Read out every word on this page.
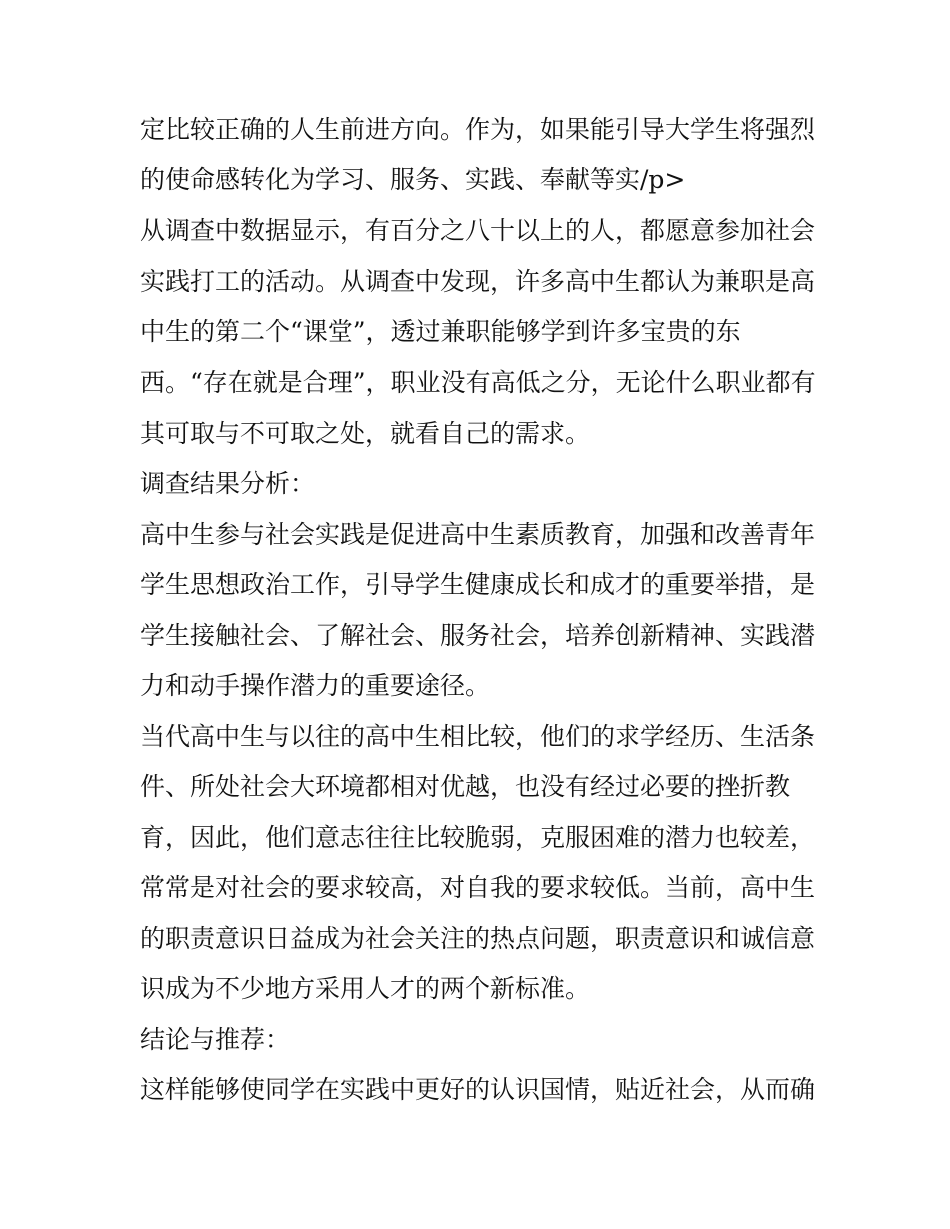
定比较正确的人生前进方向。作为，如果能引导大学生将强烈
的使命感转化为学习、服务、实践、奉献等实/p>
从调查中数据显示，有百分之八十以上的人，都愿意参加社会
实践打工的活动。从调查中发现，许多高中生都认为兼职是高
中生的第二个“课堂”，透过兼职能够学到许多宝贵的东
西。“存在就是合理”，职业没有高低之分，无论什么职业都有
其可取与不可取之处，就看自己的需求。
调查结果分析：
高中生参与社会实践是促进高中生素质教育，加强和改善青年
学生思想政治工作，引导学生健康成长和成才的重要举措，是
学生接触社会、了解社会、服务社会，培养创新精神、实践潜
力和动手操作潜力的重要途径。
当代高中生与以往的高中生相比较，他们的求学经历、生活条
件、所处社会大环境都相对优越，也没有经过必要的挫折教
育，因此，他们意志往往比较脆弱，克服困难的潜力也较差，
常常是对社会的要求较高，对自我的要求较低。当前，高中生
的职责意识日益成为社会关注的热点问题，职责意识和诚信意
识成为不少地方采用人才的两个新标准。
结论与推荐：
这样能够使同学在实践中更好的认识国情，贴近社会，从而确
